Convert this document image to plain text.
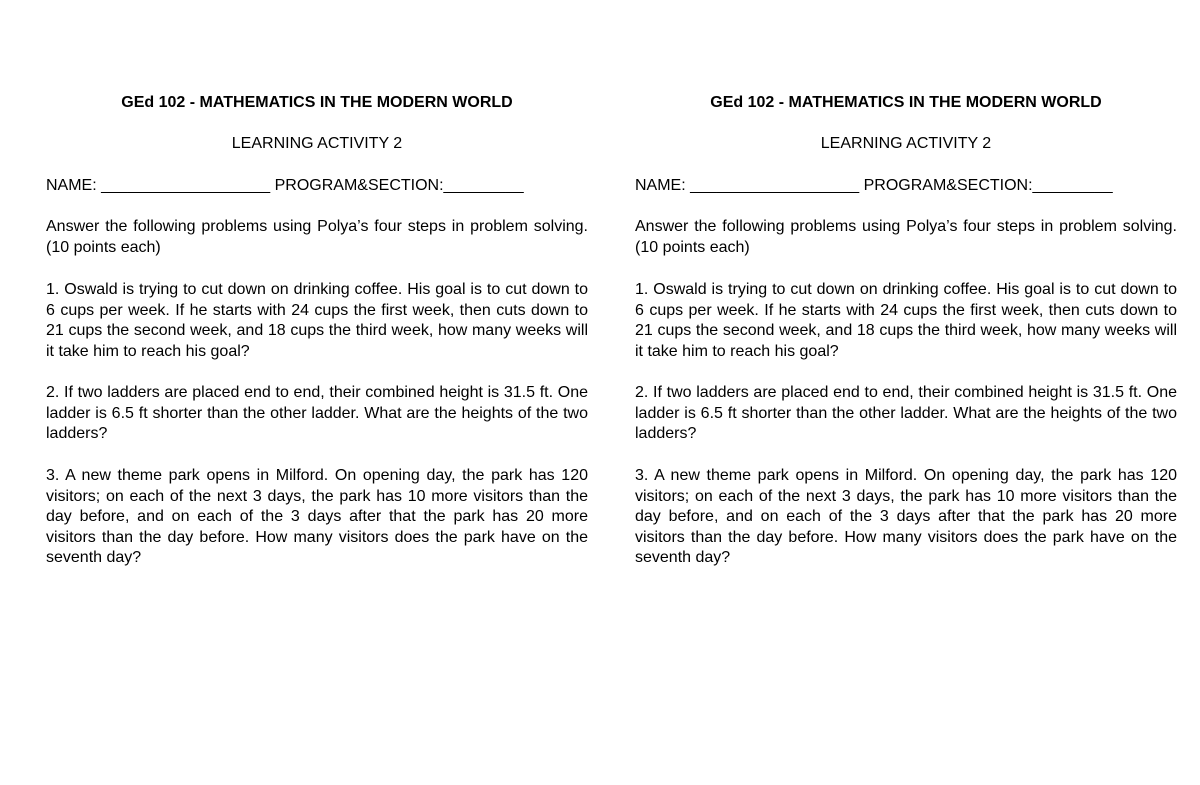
GEd 102 - MATHEMATICS IN THE MODERN WORLD
LEARNING ACTIVITY 2
NAME: ___________________ PROGRAM&SECTION:_________

Answer the following problems using Polya’s four steps in problem solving. (10 points each)

1. Oswald is trying to cut down on drinking coffee. His goal is to cut down to 6 cups per week. If he starts with 24 cups the first week, then cuts down to 21 cups the second week, and 18 cups the third week, how many weeks will it take him to reach his goal?

2. If two ladders are placed end to end, their combined height is 31.5 ft. One ladder is 6.5 ft shorter than the other ladder. What are the heights of the two ladders?

3. A new theme park opens in Milford. On opening day, the park has 120 visitors; on each of the next 3 days, the park has 10 more visitors than the day before, and on each of the 3 days after that the park has 20 more visitors than the day before. How many visitors does the park have on the seventh day?

GEd 102 - MATHEMATICS IN THE MODERN WORLD
LEARNING ACTIVITY 2
NAME: ___________________ PROGRAM&SECTION:_________

Answer the following problems using Polya’s four steps in problem solving. (10 points each)

1. Oswald is trying to cut down on drinking coffee. His goal is to cut down to 6 cups per week. If he starts with 24 cups the first week, then cuts down to 21 cups the second week, and 18 cups the third week, how many weeks will it take him to reach his goal?

2. If two ladders are placed end to end, their combined height is 31.5 ft. One ladder is 6.5 ft shorter than the other ladder. What are the heights of the two ladders?

3. A new theme park opens in Milford. On opening day, the park has 120 visitors; on each of the next 3 days, the park has 10 more visitors than the day before, and on each of the 3 days after that the park has 20 more visitors than the day before. How many visitors does the park have on the seventh day?
